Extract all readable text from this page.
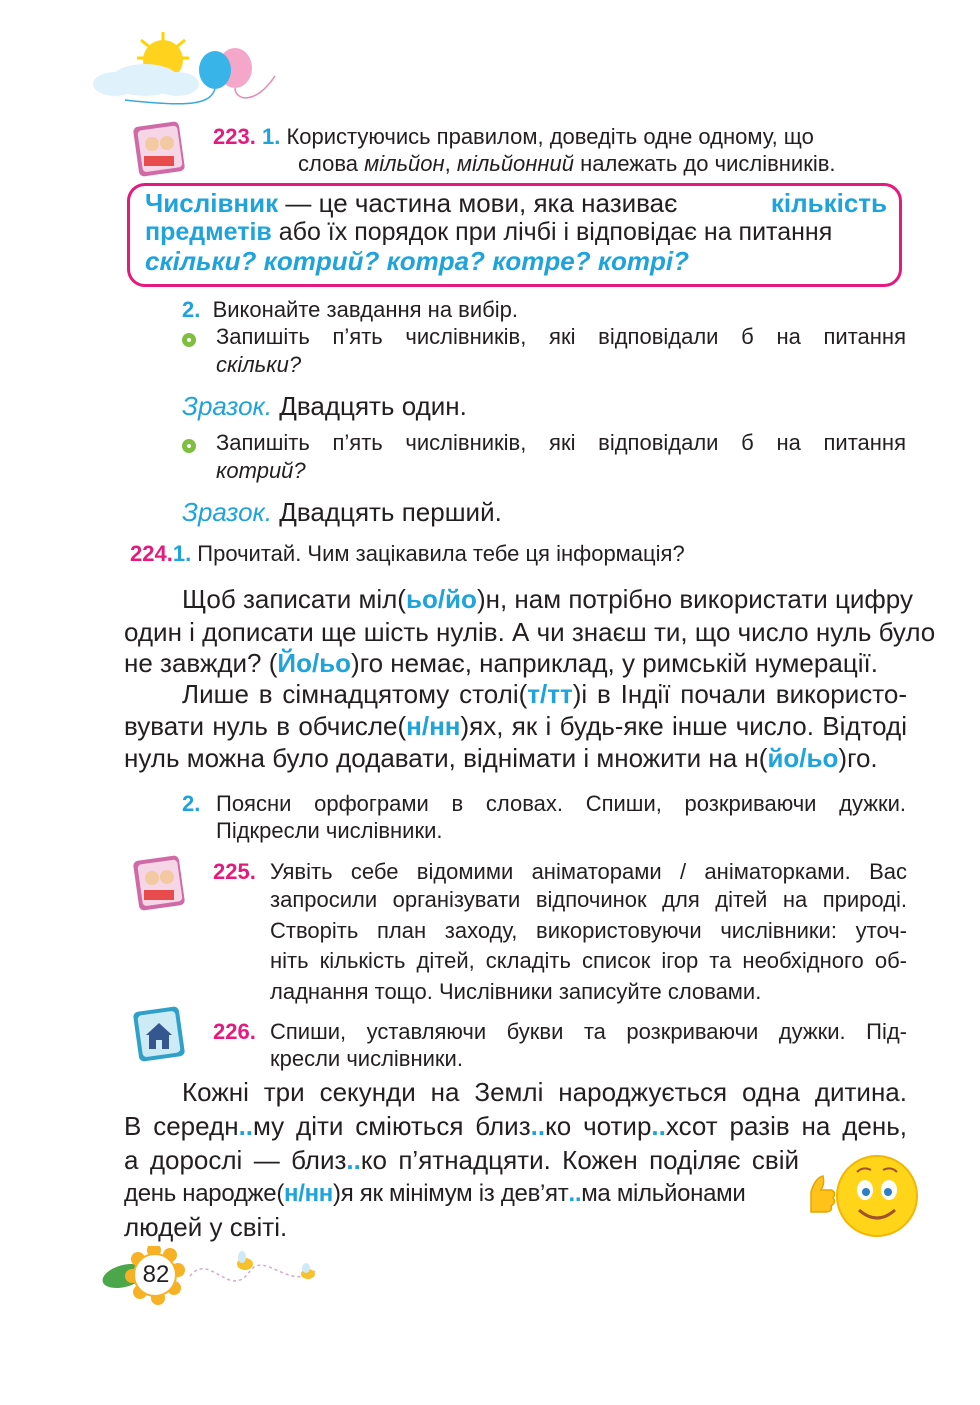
223. 1. Користуючись правилом, доведіть одне одному, що
слова мільйон, мільйонний належать до числівників.
Числівник — це частина мови, яка називає	кількість
предметів або їх порядок при лічбі і відповідає на питання
скільки? котрий? котра? котре? котрі?
2. Виконайте завдання на вибір.
Запишіть п’ять числівників, які відповідали б на питання
скільки?
Зразок. Двадцять один.
Запишіть п’ять числівників, які відповідали б на питання
котрий?
Зразок. Двадцять перший.
224.1. Прочитай. Чим зацікавила тебе ця інформація?
Щоб записати міл(ьо/йо)н, нам потрібно використати цифру
один і дописати ще шість нулів. А чи знаєш ти, що число нуль було
не завжди? (Йо/ьо)го немає, наприклад, у римській нумерації.
Лише в сімнадцятому столі(т/тт)і в Індії почали використо-
вувати нуль в обчисле(н/нн)ях, як і будь-яке інше число. Відтоді
нуль можна було додавати, віднімати і множити на н(йо/ьо)го.
2. Поясни орфограми в словах. Спиши, розкриваючи дужки.
Підкресли числівники.
225. Уявіть себе відомими аніматорами / аніматорками. Вас
запросили організувати відпочинок для дітей на природі.
Створіть план заходу, використовуючи числівники: уточ-
ніть кількість дітей, складіть список ігор та необхідного об-
ладнання тощо. Числівники записуйте словами.
226. Спиши, уставляючи букви та розкриваючи дужки. Під-
кресли числівники.
Кожні три секунди на Землі народжується одна дитина.
В середн..му діти сміються близ..ко чотир..хсот разів на день,
а дорослі — близ..ко п’ятнадцяти. Кожен поділяє свій
день народже(н/нн)я як мінімум із дев’ят..ма мільйонами
людей у світі.
82
